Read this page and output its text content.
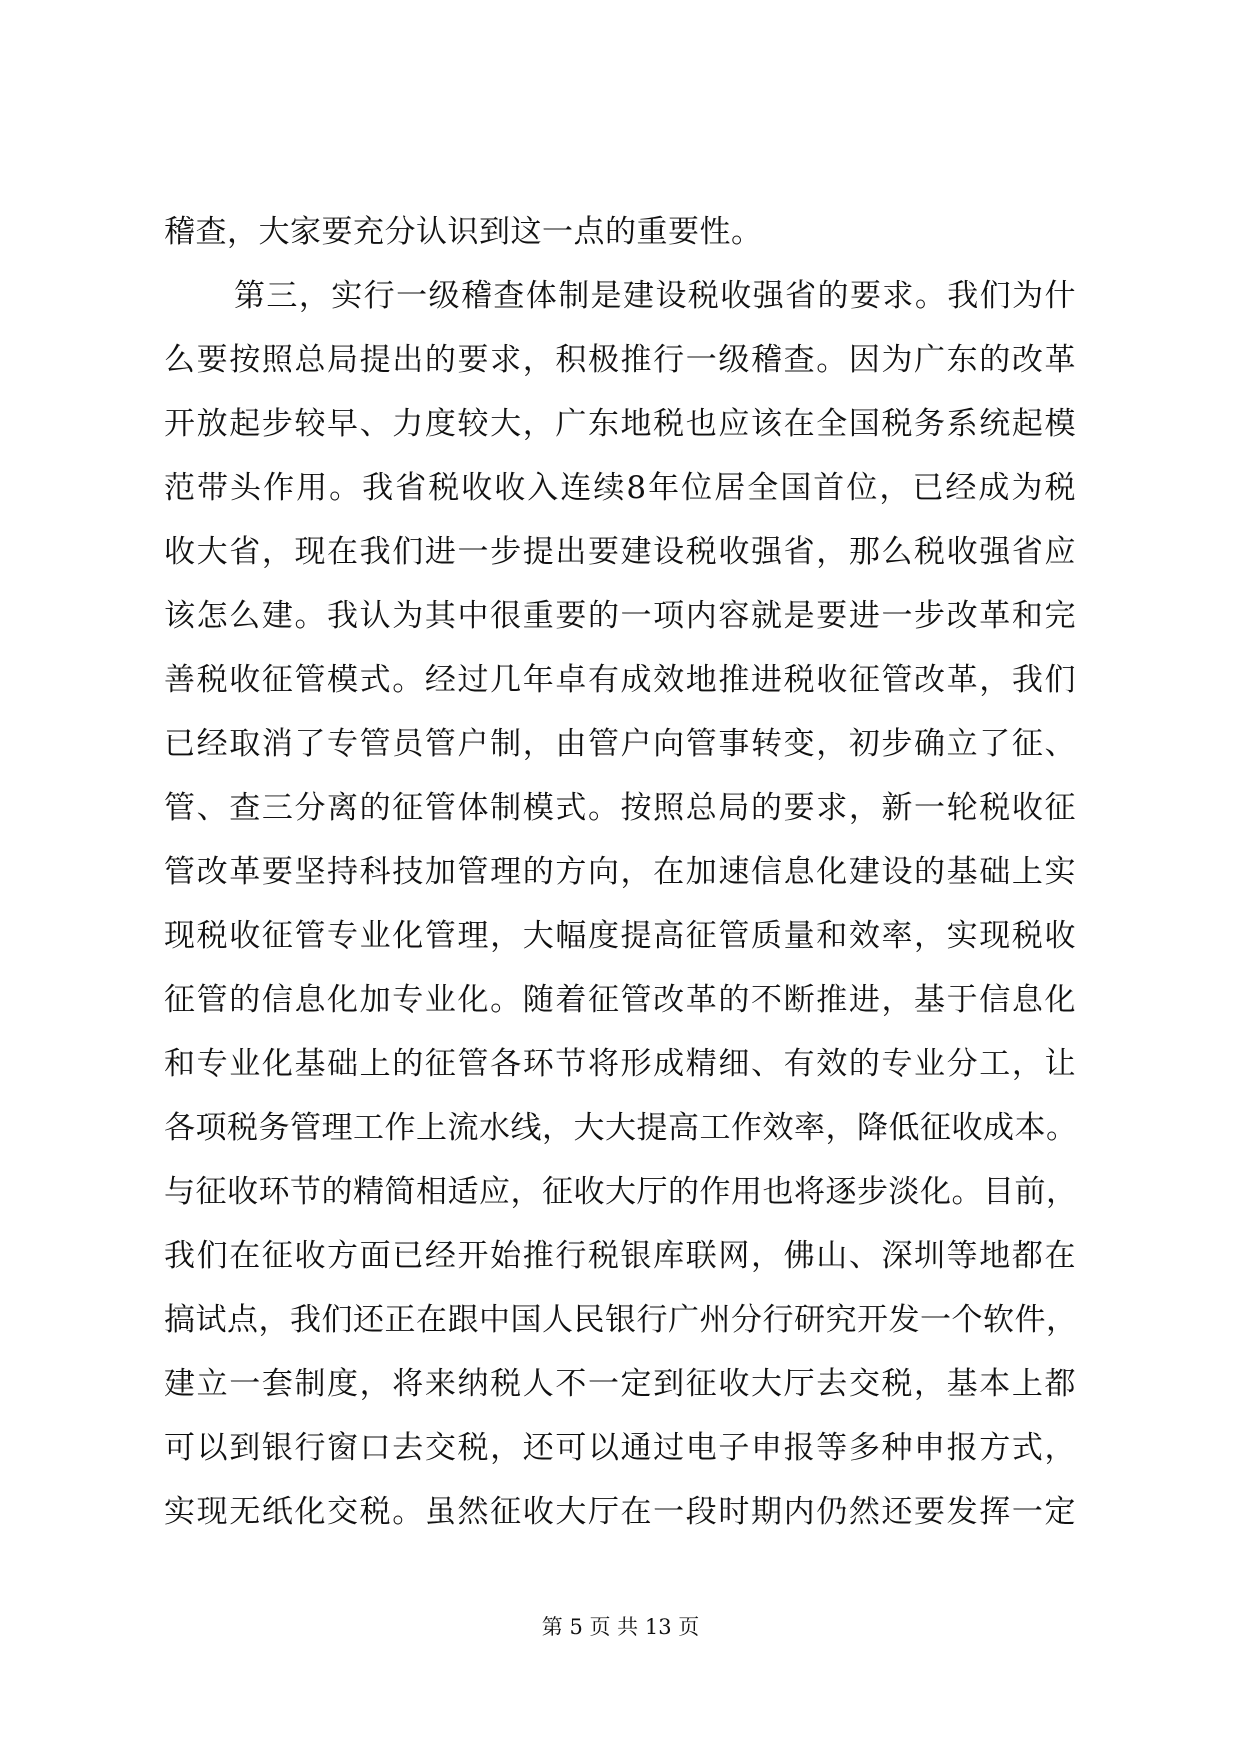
稽查，大家要充分认识到这一点的重要性。
第三，实行一级稽查体制是建设税收强省的要求。我们为什
么要按照总局提出的要求，积极推行一级稽查。因为广东的改革
开放起步较早、力度较大，广东地税也应该在全国税务系统起模
范带头作用。我省税收收入连续8年位居全国首位，已经成为税
收大省，现在我们进一步提出要建设税收强省，那么税收强省应
该怎么建。我认为其中很重要的一项内容就是要进一步改革和完
善税收征管模式。经过几年卓有成效地推进税收征管改革，我们
已经取消了专管员管户制，由管户向管事转变，初步确立了征、
管、查三分离的征管体制模式。按照总局的要求，新一轮税收征
管改革要坚持科技加管理的方向，在加速信息化建设的基础上实
现税收征管专业化管理，大幅度提高征管质量和效率，实现税收
征管的信息化加专业化。随着征管改革的不断推进，基于信息化
和专业化基础上的征管各环节将形成精细、有效的专业分工，让
各项税务管理工作上流水线，大大提高工作效率，降低征收成本。
与征收环节的精简相适应，征收大厅的作用也将逐步淡化。目前，
我们在征收方面已经开始推行税银库联网，佛山、深圳等地都在
搞试点，我们还正在跟中国人民银行广州分行研究开发一个软件，
建立一套制度，将来纳税人不一定到征收大厅去交税，基本上都
可以到银行窗口去交税，还可以通过电子申报等多种申报方式，
实现无纸化交税。虽然征收大厅在一段时期内仍然还要发挥一定
第 5 页 共 13 页
